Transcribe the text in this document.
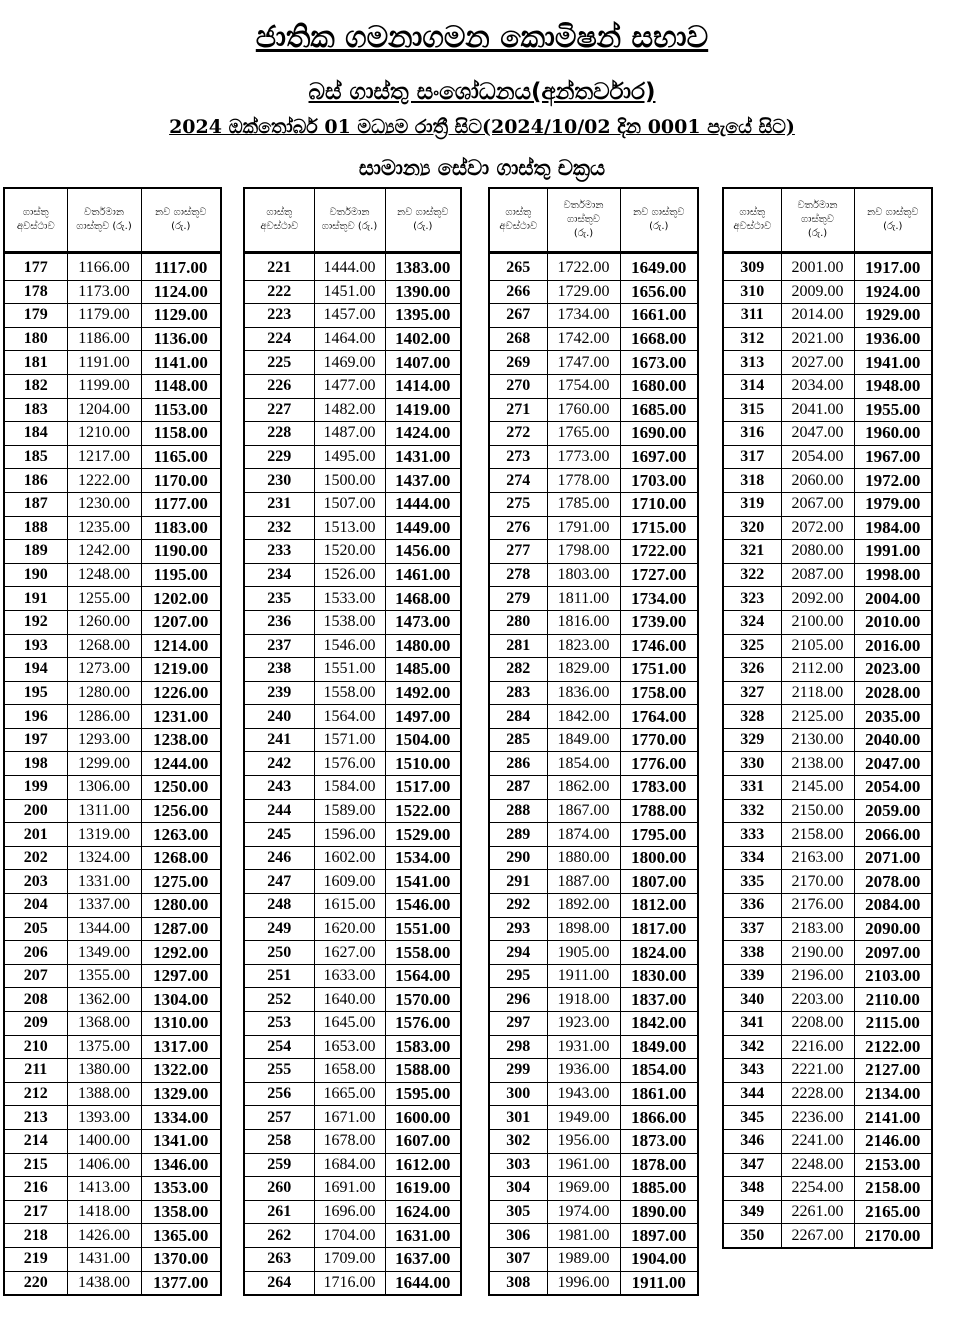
ජාතික ගමනාගමන කොමිෂන් සභාව
බස් ගාස්තු සංශෝධනය(අන්තර්වාර)
2024 ඔක්තෝබර් 01 මධ්‍යම රාත්‍රී සිට(2024/10/02 දින 0001 පැයේ සිට)
සාමාන්‍ය සේවා ගාස්තු චක්‍රය
ගාස්තු
අවස්ථාව	වර්තමාන
ගාස්තුව (රු.)	නව ගාස්තුව
(රු.)
177	1166.00	1117.00
178	1173.00	1124.00
179	1179.00	1129.00
180	1186.00	1136.00
181	1191.00	1141.00
182	1199.00	1148.00
183	1204.00	1153.00
184	1210.00	1158.00
185	1217.00	1165.00
186	1222.00	1170.00
187	1230.00	1177.00
188	1235.00	1183.00
189	1242.00	1190.00
190	1248.00	1195.00
191	1255.00	1202.00
192	1260.00	1207.00
193	1268.00	1214.00
194	1273.00	1219.00
195	1280.00	1226.00
196	1286.00	1231.00
197	1293.00	1238.00
198	1299.00	1244.00
199	1306.00	1250.00
200	1311.00	1256.00
201	1319.00	1263.00
202	1324.00	1268.00
203	1331.00	1275.00
204	1337.00	1280.00
205	1344.00	1287.00
206	1349.00	1292.00
207	1355.00	1297.00
208	1362.00	1304.00
209	1368.00	1310.00
210	1375.00	1317.00
211	1380.00	1322.00
212	1388.00	1329.00
213	1393.00	1334.00
214	1400.00	1341.00
215	1406.00	1346.00
216	1413.00	1353.00
217	1418.00	1358.00
218	1426.00	1365.00
219	1431.00	1370.00
220	1438.00	1377.00
ගාස්තු
අවස්ථාව	වර්තමාන
ගාස්තුව (රු.)	නව ගාස්තුව
(රු.)
221	1444.00	1383.00
222	1451.00	1390.00
223	1457.00	1395.00
224	1464.00	1402.00
225	1469.00	1407.00
226	1477.00	1414.00
227	1482.00	1419.00
228	1487.00	1424.00
229	1495.00	1431.00
230	1500.00	1437.00
231	1507.00	1444.00
232	1513.00	1449.00
233	1520.00	1456.00
234	1526.00	1461.00
235	1533.00	1468.00
236	1538.00	1473.00
237	1546.00	1480.00
238	1551.00	1485.00
239	1558.00	1492.00
240	1564.00	1497.00
241	1571.00	1504.00
242	1576.00	1510.00
243	1584.00	1517.00
244	1589.00	1522.00
245	1596.00	1529.00
246	1602.00	1534.00
247	1609.00	1541.00
248	1615.00	1546.00
249	1620.00	1551.00
250	1627.00	1558.00
251	1633.00	1564.00
252	1640.00	1570.00
253	1645.00	1576.00
254	1653.00	1583.00
255	1658.00	1588.00
256	1665.00	1595.00
257	1671.00	1600.00
258	1678.00	1607.00
259	1684.00	1612.00
260	1691.00	1619.00
261	1696.00	1624.00
262	1704.00	1631.00
263	1709.00	1637.00
264	1716.00	1644.00
ගාස්තු
අවස්ථාව	වර්තමාන
ගාස්තුව
(රු.)	නව ගාස්තුව
(රු.)
265	1722.00	1649.00
266	1729.00	1656.00
267	1734.00	1661.00
268	1742.00	1668.00
269	1747.00	1673.00
270	1754.00	1680.00
271	1760.00	1685.00
272	1765.00	1690.00
273	1773.00	1697.00
274	1778.00	1703.00
275	1785.00	1710.00
276	1791.00	1715.00
277	1798.00	1722.00
278	1803.00	1727.00
279	1811.00	1734.00
280	1816.00	1739.00
281	1823.00	1746.00
282	1829.00	1751.00
283	1836.00	1758.00
284	1842.00	1764.00
285	1849.00	1770.00
286	1854.00	1776.00
287	1862.00	1783.00
288	1867.00	1788.00
289	1874.00	1795.00
290	1880.00	1800.00
291	1887.00	1807.00
292	1892.00	1812.00
293	1898.00	1817.00
294	1905.00	1824.00
295	1911.00	1830.00
296	1918.00	1837.00
297	1923.00	1842.00
298	1931.00	1849.00
299	1936.00	1854.00
300	1943.00	1861.00
301	1949.00	1866.00
302	1956.00	1873.00
303	1961.00	1878.00
304	1969.00	1885.00
305	1974.00	1890.00
306	1981.00	1897.00
307	1989.00	1904.00
308	1996.00	1911.00
ගාස්තු
අවස්ථාව	වර්තමාන
ගාස්තුව
(රු.)	නව ගාස්තුව
(රු.)
309	2001.00	1917.00
310	2009.00	1924.00
311	2014.00	1929.00
312	2021.00	1936.00
313	2027.00	1941.00
314	2034.00	1948.00
315	2041.00	1955.00
316	2047.00	1960.00
317	2054.00	1967.00
318	2060.00	1972.00
319	2067.00	1979.00
320	2072.00	1984.00
321	2080.00	1991.00
322	2087.00	1998.00
323	2092.00	2004.00
324	2100.00	2010.00
325	2105.00	2016.00
326	2112.00	2023.00
327	2118.00	2028.00
328	2125.00	2035.00
329	2130.00	2040.00
330	2138.00	2047.00
331	2145.00	2054.00
332	2150.00	2059.00
333	2158.00	2066.00
334	2163.00	2071.00
335	2170.00	2078.00
336	2176.00	2084.00
337	2183.00	2090.00
338	2190.00	2097.00
339	2196.00	2103.00
340	2203.00	2110.00
341	2208.00	2115.00
342	2216.00	2122.00
343	2221.00	2127.00
344	2228.00	2134.00
345	2236.00	2141.00
346	2241.00	2146.00
347	2248.00	2153.00
348	2254.00	2158.00
349	2261.00	2165.00
350	2267.00	2170.00
